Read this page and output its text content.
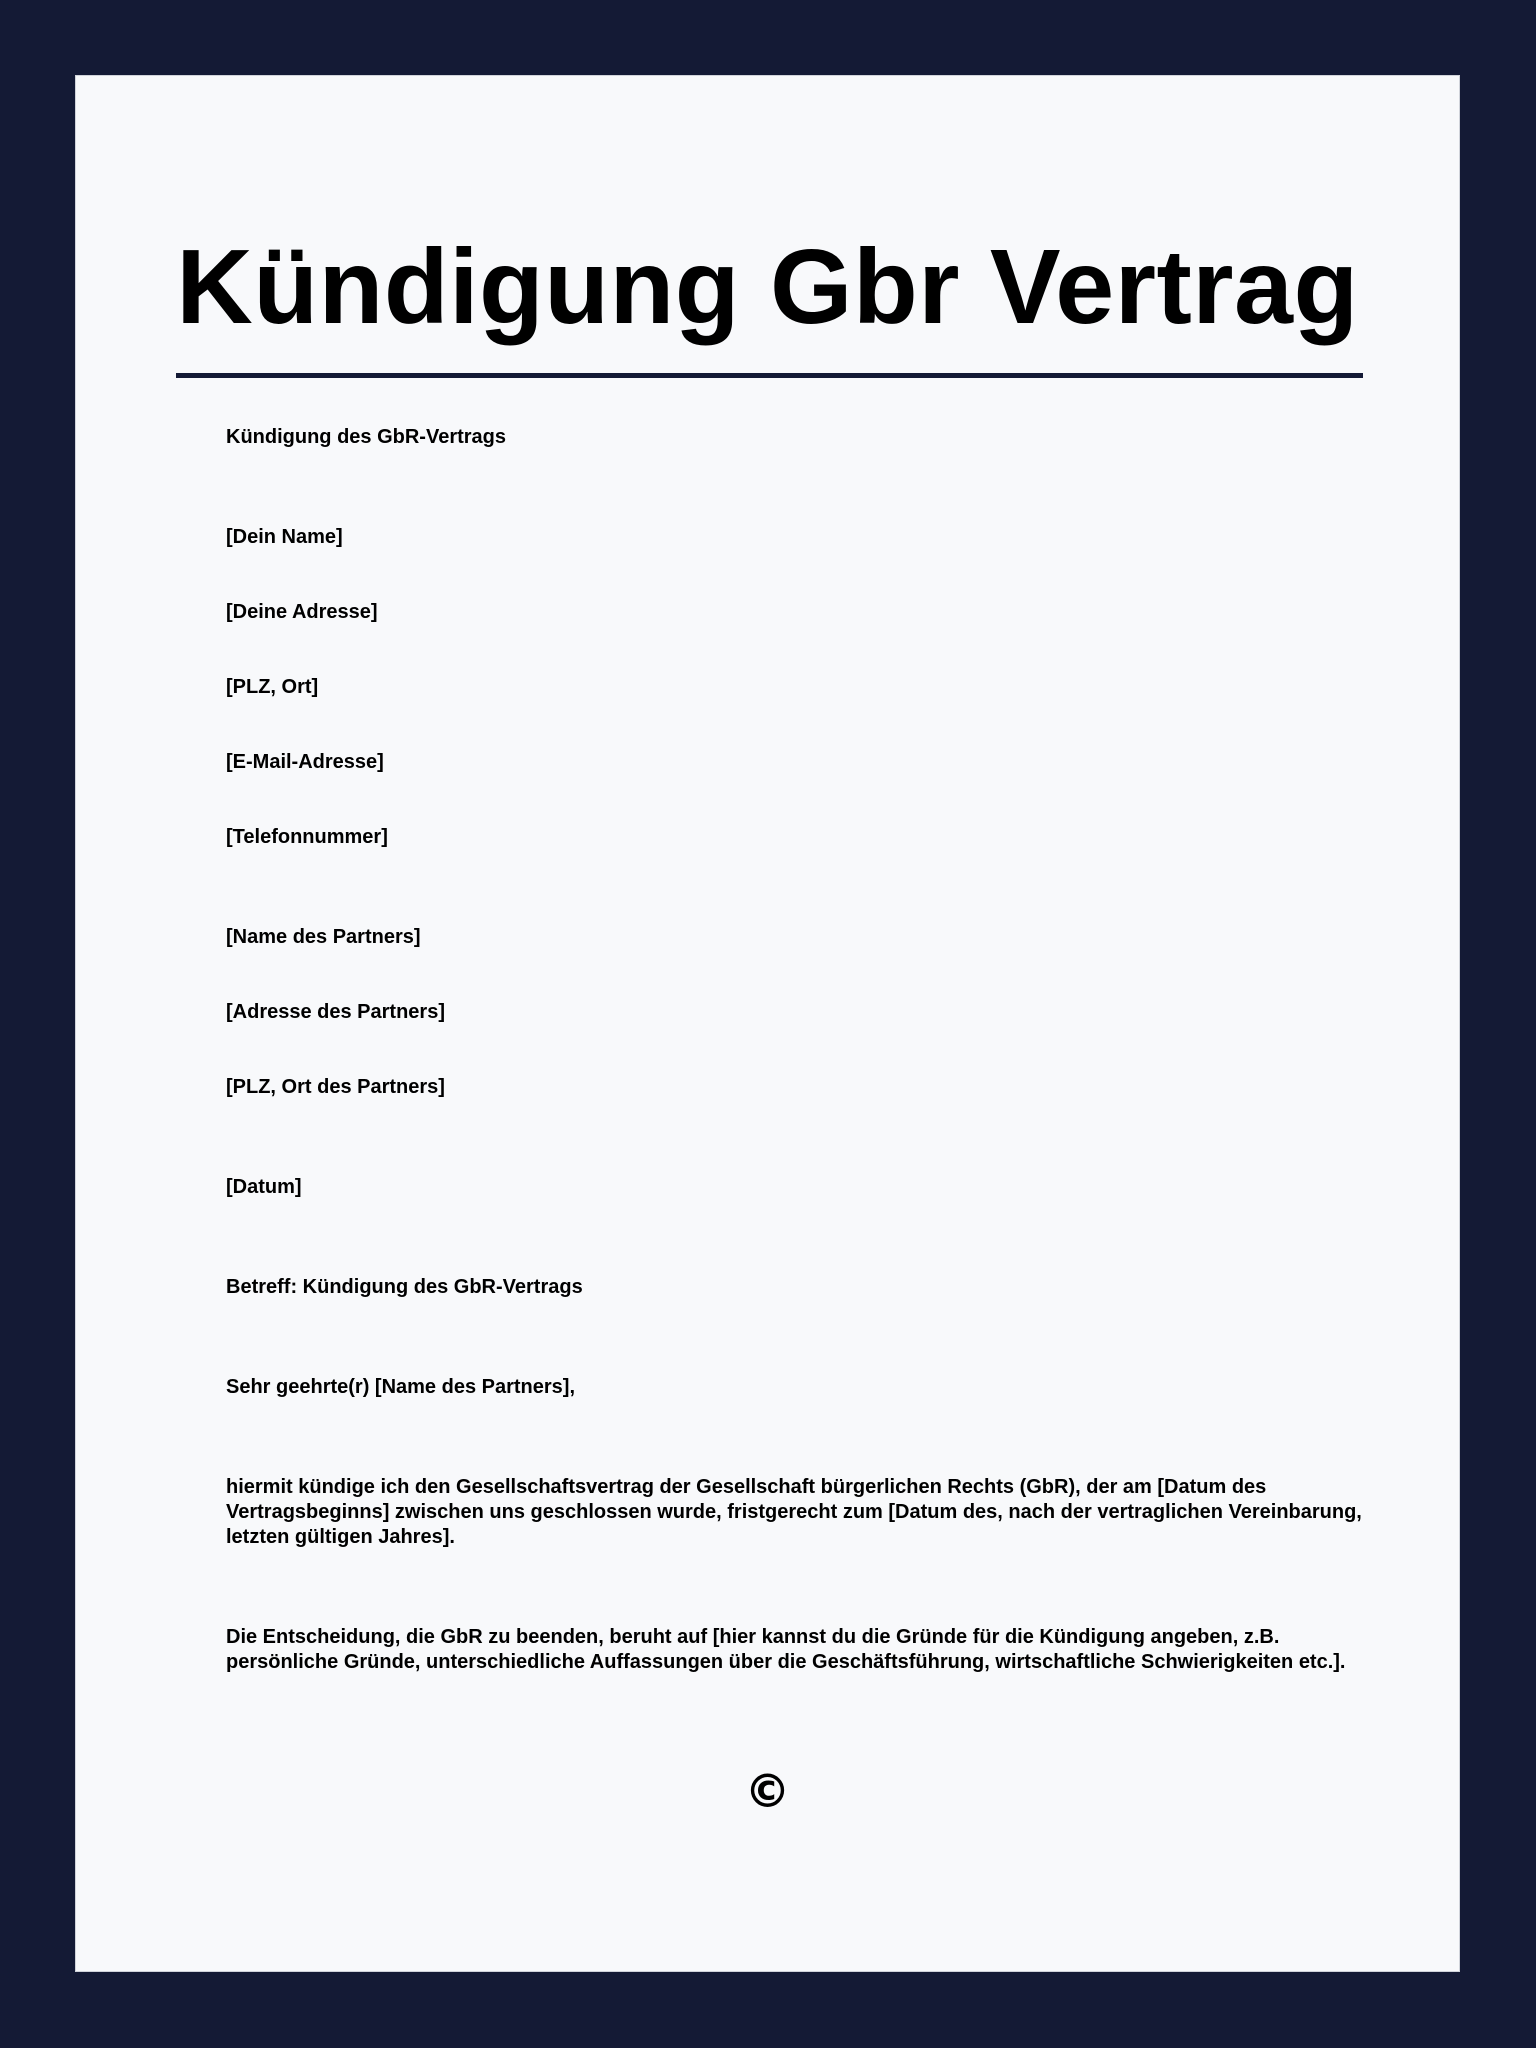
Kündigung Gbr Vertrag

Kündigung des GbR-Vertrags

[Dein Name]

[Deine Adresse]

[PLZ, Ort]

[E-Mail-Adresse]

[Telefonnummer]

[Name des Partners]

[Adresse des Partners]

[PLZ, Ort des Partners]

[Datum]

Betreff: Kündigung des GbR-Vertrags

Sehr geehrte(r) [Name des Partners],

hiermit kündige ich den Gesellschaftsvertrag der Gesellschaft bürgerlichen Rechts (GbR), der am [Datum des Vertragsbeginns] zwischen uns geschlossen wurde, fristgerecht zum [Datum des, nach der vertraglichen Vereinbarung, letzten gültigen Jahres].

Die Entscheidung, die GbR zu beenden, beruht auf [hier kannst du die Gründe für die Kündigung angeben, z.B. persönliche Gründe, unterschiedliche Auffassungen über die Geschäftsführung, wirtschaftliche Schwierigkeiten etc.].

©
